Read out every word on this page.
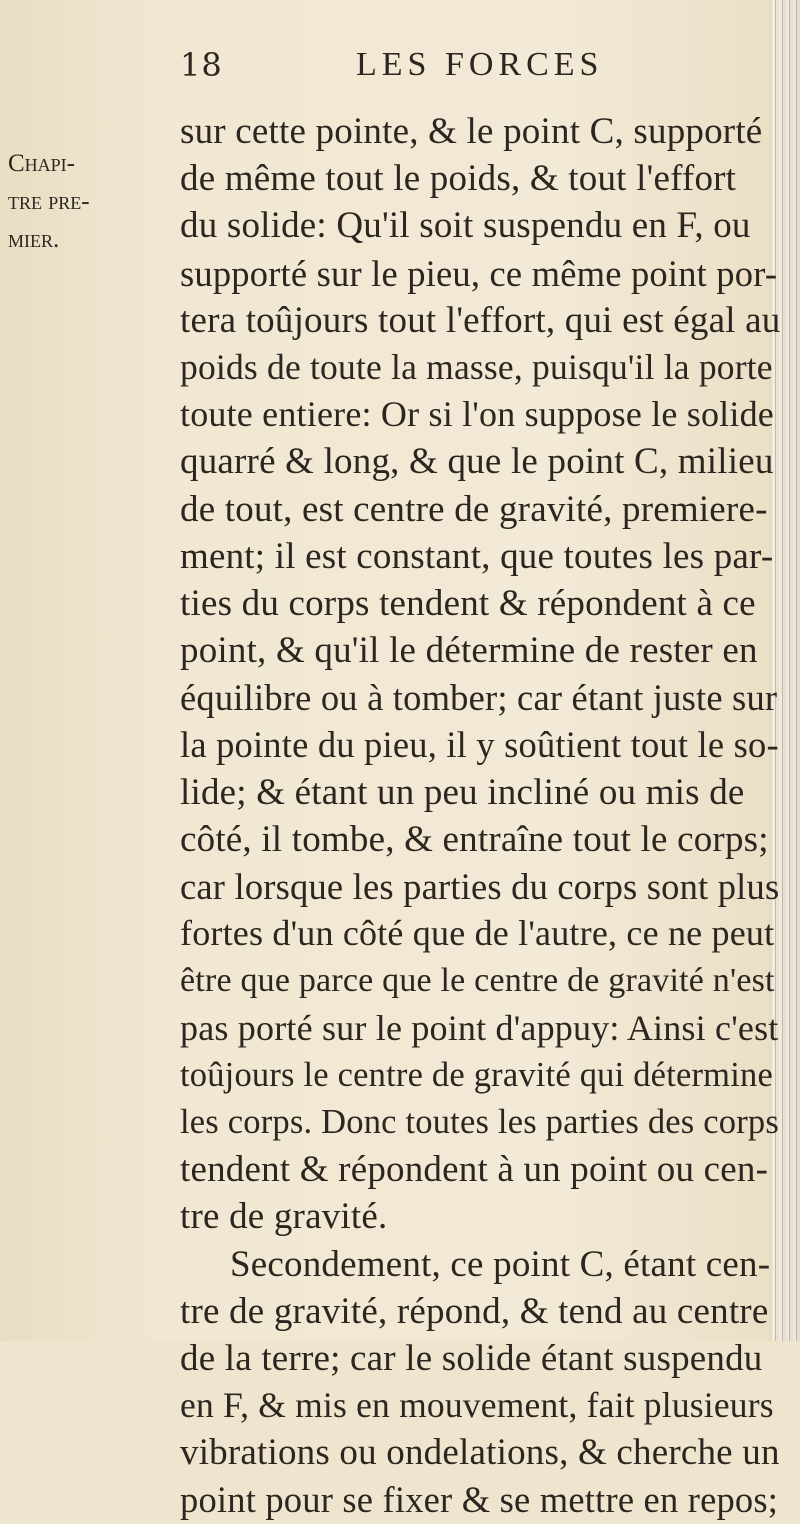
18	LES FORCES
Chapi-
tre pre-
mier.
sur cette pointe, & le point C, supporté
de même tout le poids, & tout l'effort
du solide: Qu'il soit suspendu en F, ou
supporté sur le pieu, ce même point por-
tera toûjours tout l'effort, qui est égal au
poids de toute la masse, puisqu'il la porte
toute entiere: Or si l'on suppose le solide
quarré & long, & que le point C, milieu
de tout, est centre de gravité, premiere-
ment; il est constant, que toutes les par-
ties du corps tendent & répondent à ce
point, & qu'il le détermine de rester en
équilibre ou à tomber; car étant juste sur
la pointe du pieu, il y soûtient tout le so-
lide; & étant un peu incliné ou mis de
côté, il tombe, & entraîne tout le corps;
car lorsque les parties du corps sont plus
fortes d'un côté que de l'autre, ce ne peut
être que parce que le centre de gravité n'est
pas porté sur le point d'appuy: Ainsi c'est
toûjours le centre de gravité qui détermine
les corps. Donc toutes les parties des corps
tendent & répondent à un point ou cen-
tre de gravité.
Secondement, ce point C, étant cen-
tre de gravité, répond, & tend au centre
de la terre; car le solide étant suspendu
en F, & mis en mouvement, fait plusieurs
vibrations ou ondelations, & cherche un
point pour se fixer & se mettre en repos;
